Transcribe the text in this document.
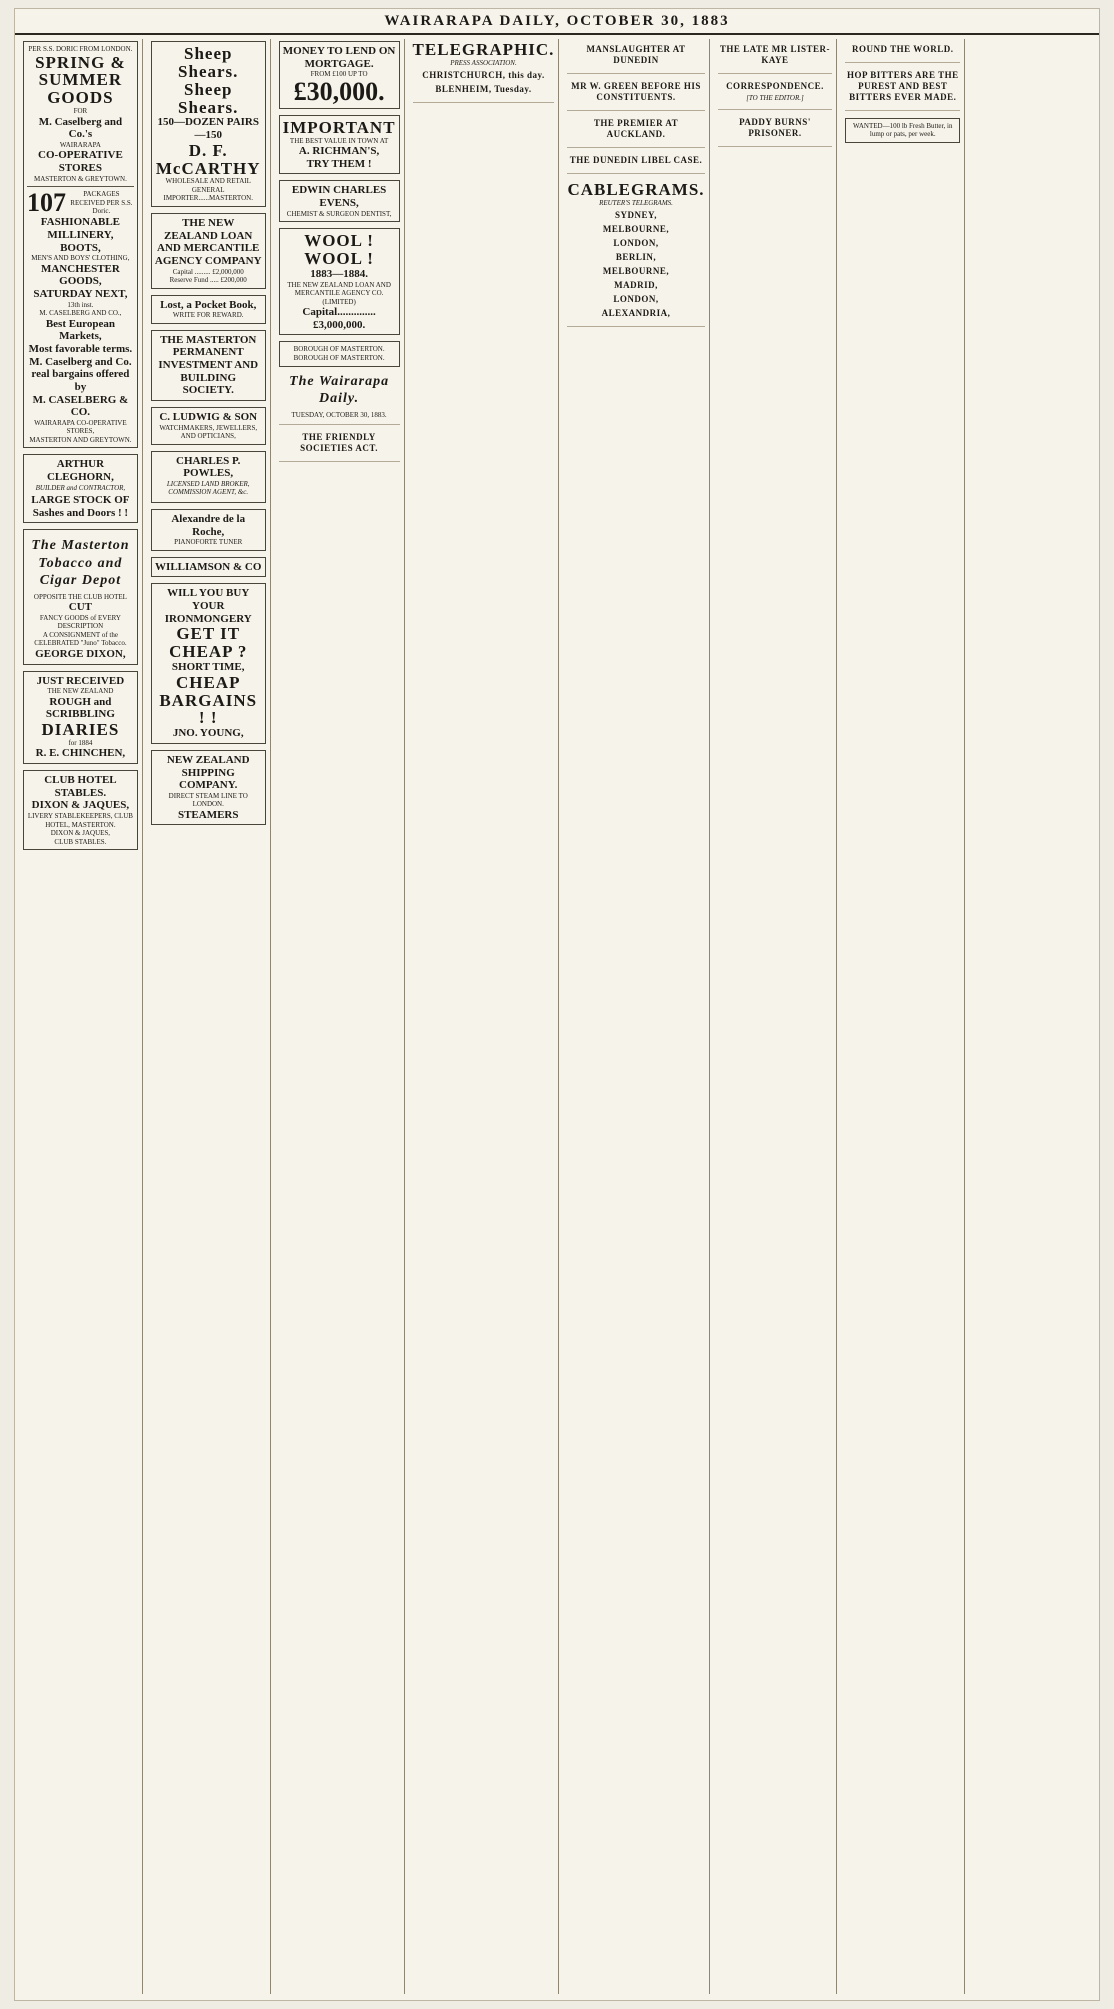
WAIRARAPA DAILY, OCTOBER 30, 1883
PER S.S. DORIC FROM LONDON.
SPRING &
SUMMER
GOODS
FOR
M. Caselberg and Co.'s
WAIRARAPA
CO-OPERATIVE STORES
MASTERTON & GREYTOWN.
107	PACKAGES RECEIVED PER S.S. Doric.
FASHIONABLE
MILLINERY,
BOOTS,
MEN'S AND BOYS' CLOTHING,
MANCHESTER GOODS,
SATURDAY NEXT,
13th inst.
M. CASELBERG AND CO.,
Best European Markets,
Most favorable terms.
M. Caselberg and Co.
real bargains offered by
M. CASELBERG & CO.
WAIRARAPA CO-OPERATIVE STORES,
MASTERTON AND GREYTOWN.
ARTHUR CLEGHORN,
BUILDER and CONTRACTOR,
LARGE STOCK OF
Sashes and Doors ! !
The Masterton Tobacco and Cigar Depot
OPPOSITE THE CLUB HOTEL
CUT
FANCY GOODS of EVERY DESCRIPTION
A CONSIGNMENT of the CELEBRATED "Juno" Tobacco.
GEORGE DIXON,
JUST RECEIVED
THE NEW ZEALAND
ROUGH and SCRIBBLING
DIARIES
for 1884
R. E. CHINCHEN,
CLUB HOTEL STABLES.
DIXON & JAQUES,
LIVERY STABLEKEEPERS, CLUB HOTEL, MASTERTON.
DIXON & JAQUES,
CLUB STABLES.
Sheep Shears.
Sheep Shears.
150—DOZEN PAIRS—150
D. F. McCARTHY
WHOLESALE AND RETAIL
GENERAL IMPORTER......MASTERTON.
THE NEW ZEALAND LOAN AND MERCANTILE AGENCY COMPANY
Capital ......... £2,000,000
Reserve Fund ..... £200,000
Lost, a Pocket Book,
WRITE FOR REWARD.
THE MASTERTON PERMANENT INVESTMENT AND BUILDING SOCIETY.
C. LUDWIG & SON
WATCHMAKERS, JEWELLERS, AND OPTICIANS,
CHARLES P. POWLES,
LICENSED LAND BROKER, COMMISSION AGENT, &c.
Alexandre de la Roche,
PIANOFORTE TUNER
WILLIAMSON & CO
WILL YOU BUY YOUR IRONMONGERY
GET IT CHEAP ?
SHORT TIME,
CHEAP BARGAINS ! !
JNO. YOUNG,
NEW ZEALAND SHIPPING COMPANY.
DIRECT STEAM LINE TO LONDON.
STEAMERS
MONEY TO LEND ON MORTGAGE.
FROM £100 UP TO
£30,000.
IMPORTANT
THE BEST VALUE IN TOWN AT
A. RICHMAN'S,
TRY THEM !
EDWIN CHARLES EVENS,
CHEMIST & SURGEON DENTIST,
WOOL ! WOOL !
1883—1884.
THE NEW ZEALAND LOAN AND MERCANTILE AGENCY CO.
(LIMITED)
Capital..............£3,000,000.
BOROUGH OF MASTERTON.
BOROUGH OF MASTERTON.
The Wairarapa Daily.
TUESDAY, OCTOBER 30, 1883.
THE FRIENDLY SOCIETIES ACT.
TELEGRAPHIC.
PRESS ASSOCIATION.
CHRISTCHURCH, this day.
BLENHEIM, Tuesday.
MANSLAUGHTER AT DUNEDIN
MR W. GREEN BEFORE HIS CONSTITUENTS.
THE PREMIER AT AUCKLAND.
THE DUNEDIN LIBEL CASE.
CABLEGRAMS.
REUTER'S TELEGRAMS.
SYDNEY,
MELBOURNE,
LONDON,
BERLIN,
MELBOURNE,
MADRID,
LONDON,
ALEXANDRIA,
THE LATE MR LISTER-KAYE
CORRESPONDENCE.
[TO THE EDITOR.]
PADDY BURNS' PRISONER.
ROUND THE WORLD.
HOP BITTERS ARE THE PUREST AND BEST BITTERS EVER MADE.
WANTED—100 lb Fresh Butter, in lump or pats, per week.
